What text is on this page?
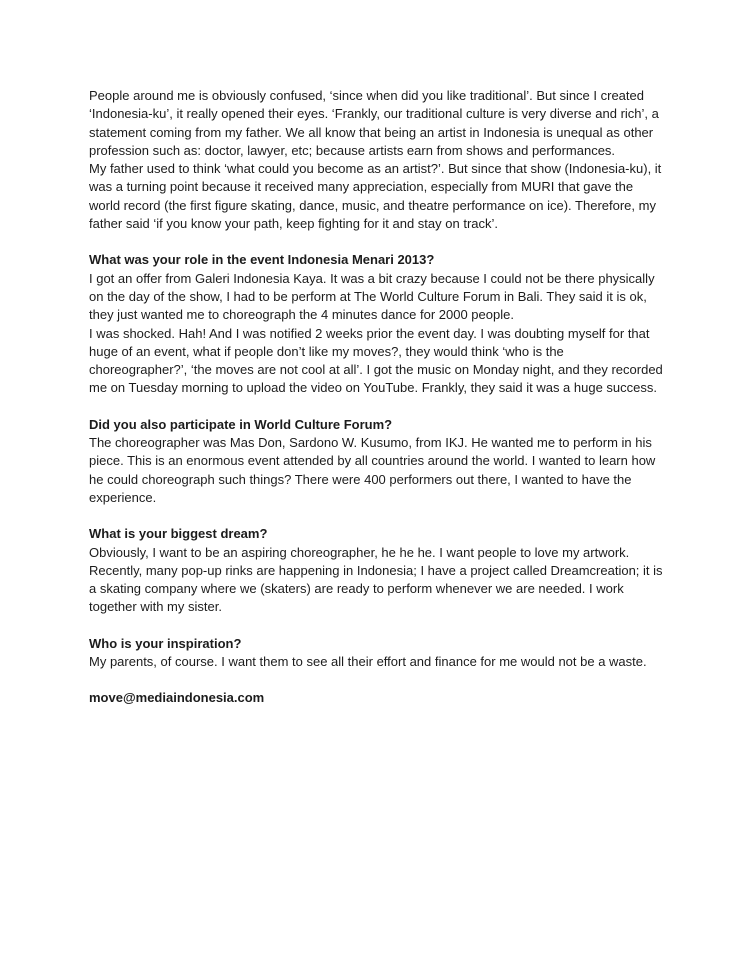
People around me is obviously confused, ‘since when did you like traditional’. But since I created ‘Indonesia-ku’, it really opened their eyes. ‘Frankly, our traditional culture is very diverse and rich’, a statement coming from my father. We all know that being an artist in Indonesia is unequal as other profession such as: doctor, lawyer, etc; because artists earn from shows and performances.

My father used to think ‘what could you become as an artist?’. But since that show (Indonesia-ku), it was a turning point because it received many appreciation, especially from MURI that gave the world record (the first figure skating, dance, music, and theatre performance on ice). Therefore, my father said ‘if you know your path, keep fighting for it and stay on track’.

What was your role in the event Indonesia Menari 2013?

I got an offer from Galeri Indonesia Kaya. It was a bit crazy because I could not be there physically on the day of the show, I had to be perform at The World Culture Forum in Bali. They said it is ok, they just wanted me to choreograph the 4 minutes dance for 2000 people.

I was shocked. Hah! And I was notified 2 weeks prior the event day. I was doubting myself for that huge of an event, what if people don’t like my moves?, they would think ‘who is the choreographer?’, ‘the moves are not cool at all’. I got the music on Monday night, and they recorded me on Tuesday morning to upload the video on YouTube. Frankly, they said it was a huge success.

Did you also participate in World Culture Forum?

The choreographer was Mas Don, Sardono W. Kusumo, from IKJ. He wanted me to perform in his piece. This is an enormous event attended by all countries around the world. I wanted to learn how he could choreograph such things? There were 400 performers out there, I wanted to have the experience.

What is your biggest dream?

Obviously, I want to be an aspiring choreographer, he he he. I want people to love my artwork. Recently, many pop-up rinks are happening in Indonesia; I have a project called Dreamcreation; it is a skating company where we (skaters) are ready to perform whenever we are needed. I work together with my sister.

Who is your inspiration?

My parents, of course. I want them to see all their effort and finance for me would not be a waste.

move@mediaindonesia.com
